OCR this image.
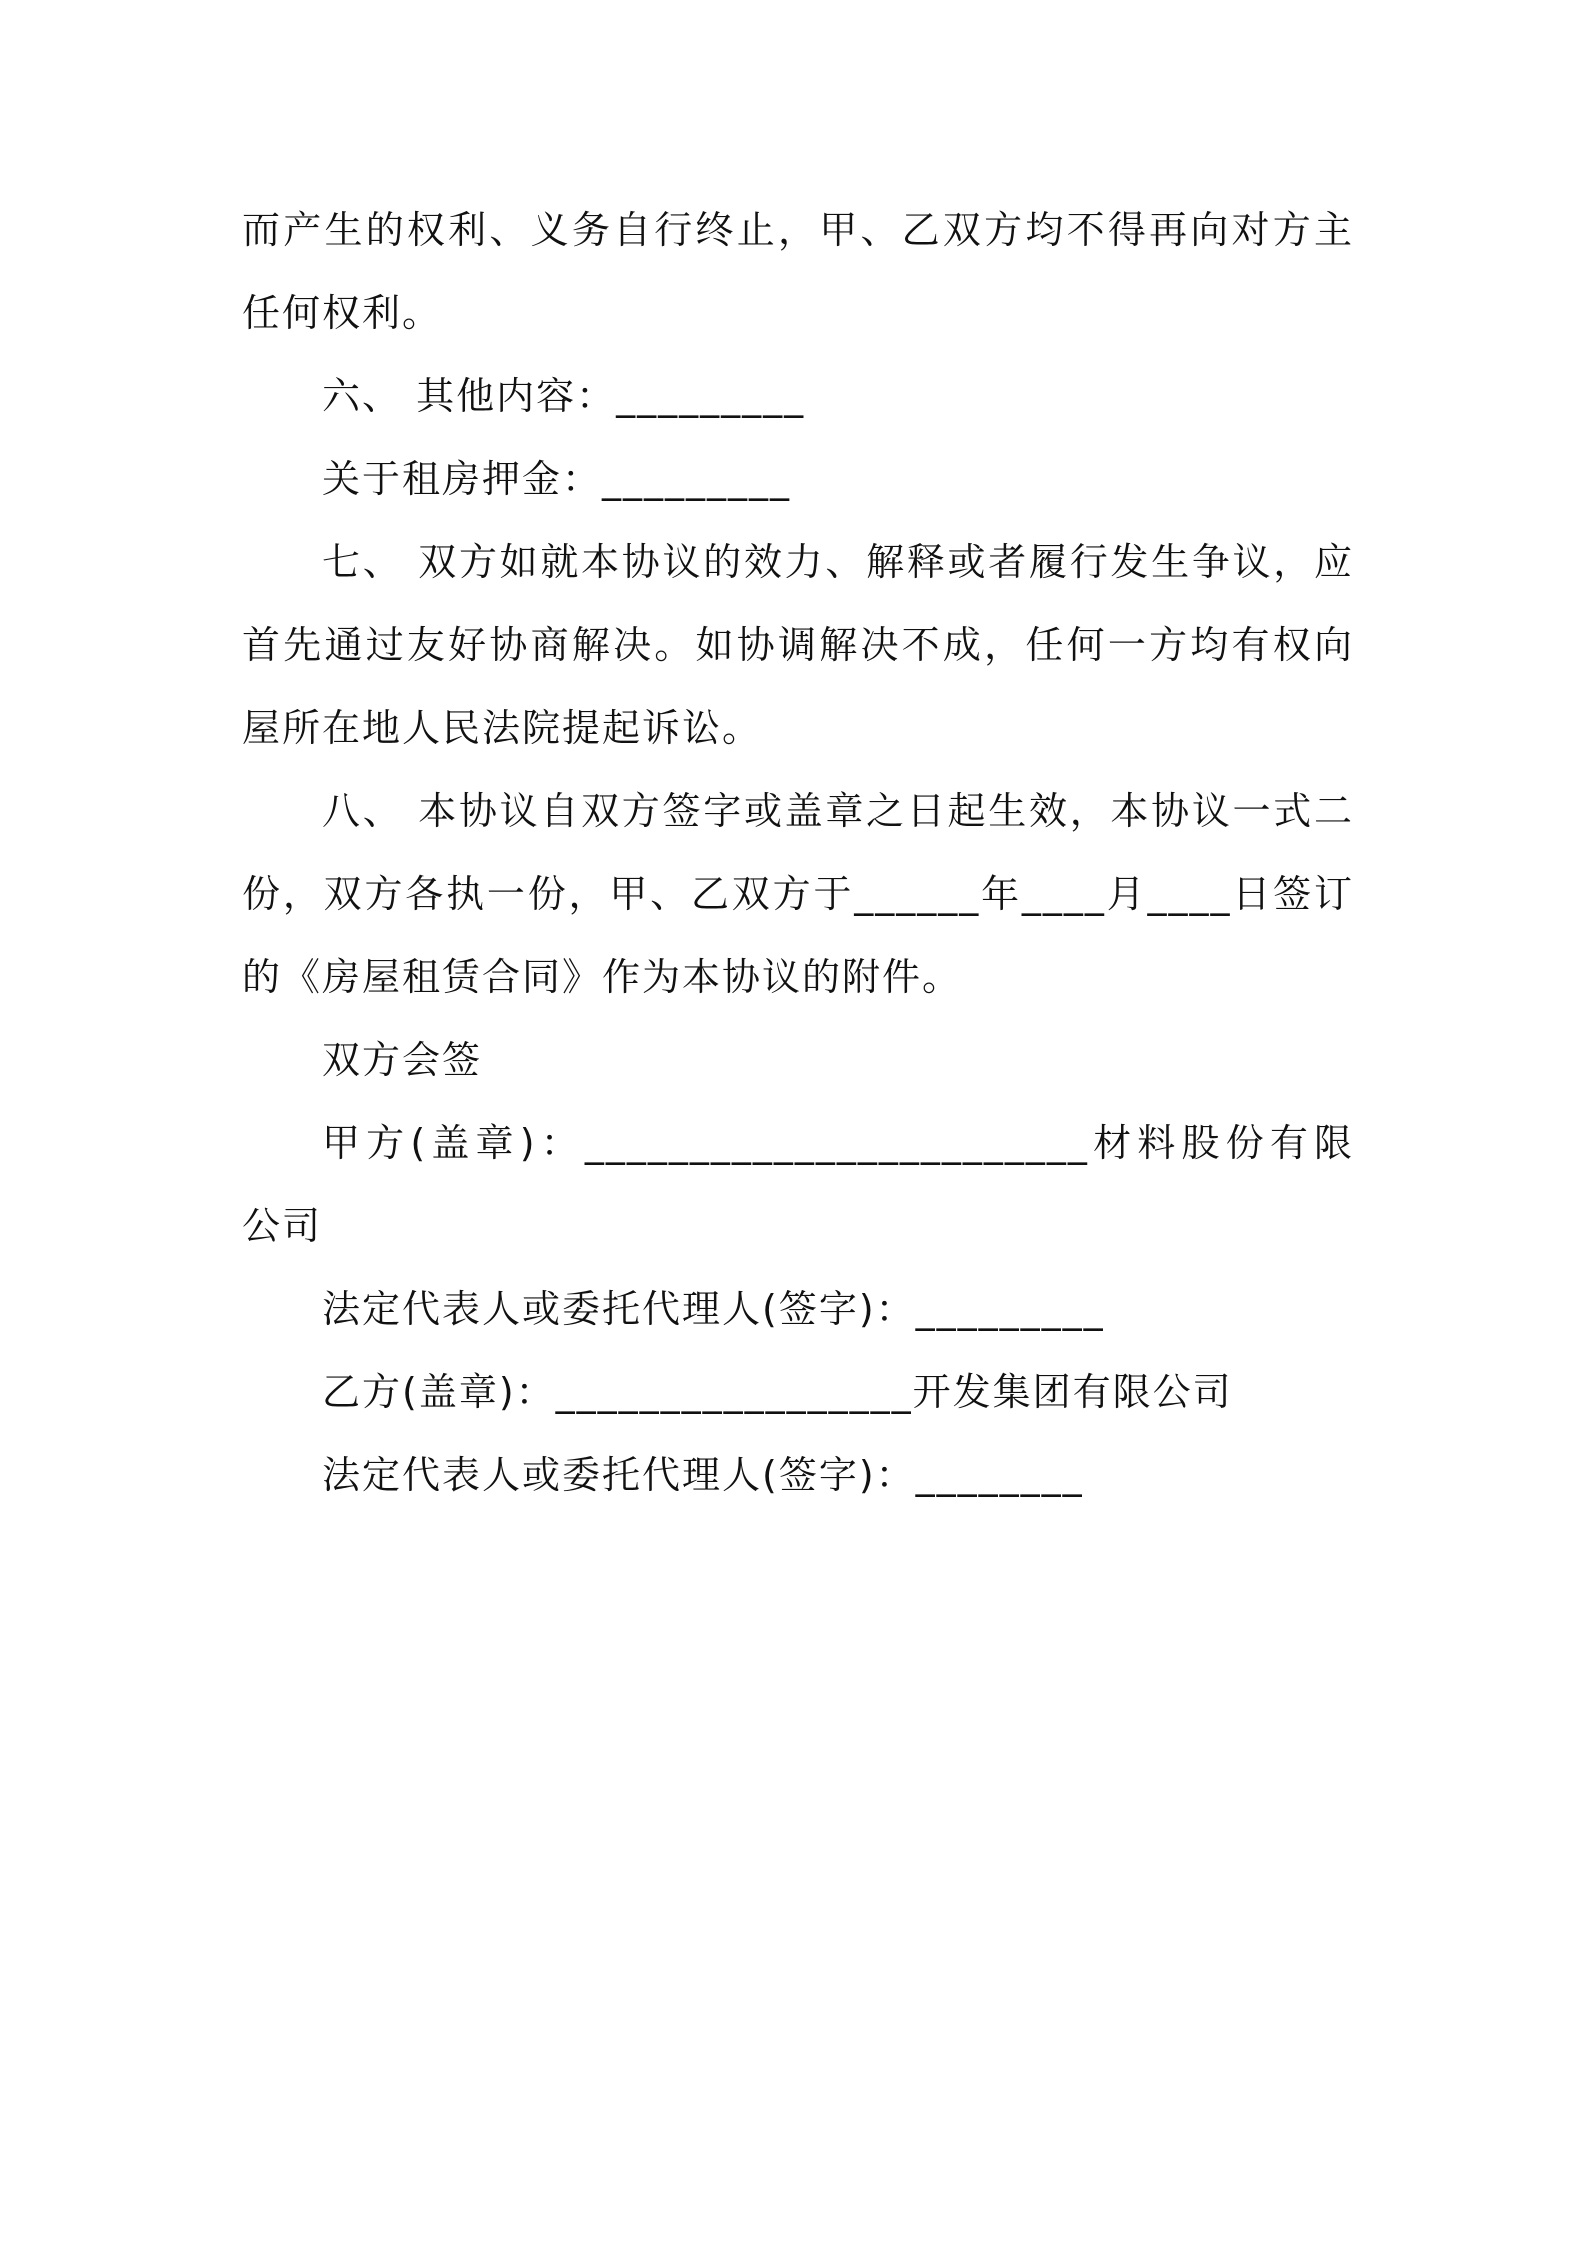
而产生的权利、义务自行终止，甲、乙双方均不得再向对方主
任何权利。
六、 其他内容：_________
关于租房押金：_________
七、 双方如就本协议的效力、解释或者履行发生争议，应
首先通过友好协商解决。如协调解决不成，任何一方均有权向
屋所在地人民法院提起诉讼。
八、 本协议自双方签字或盖章之日起生效，本协议一式二
份，双方各执一份，甲、乙双方于______年____月____日签订
的《房屋租赁合同》作为本协议的附件。
双方会签
甲方(盖章)：________________________材料股份有限
公司
法定代表人或委托代理人(签字)：_________
乙方(盖章)：_________________开发集团有限公司
法定代表人或委托代理人(签字)：________
